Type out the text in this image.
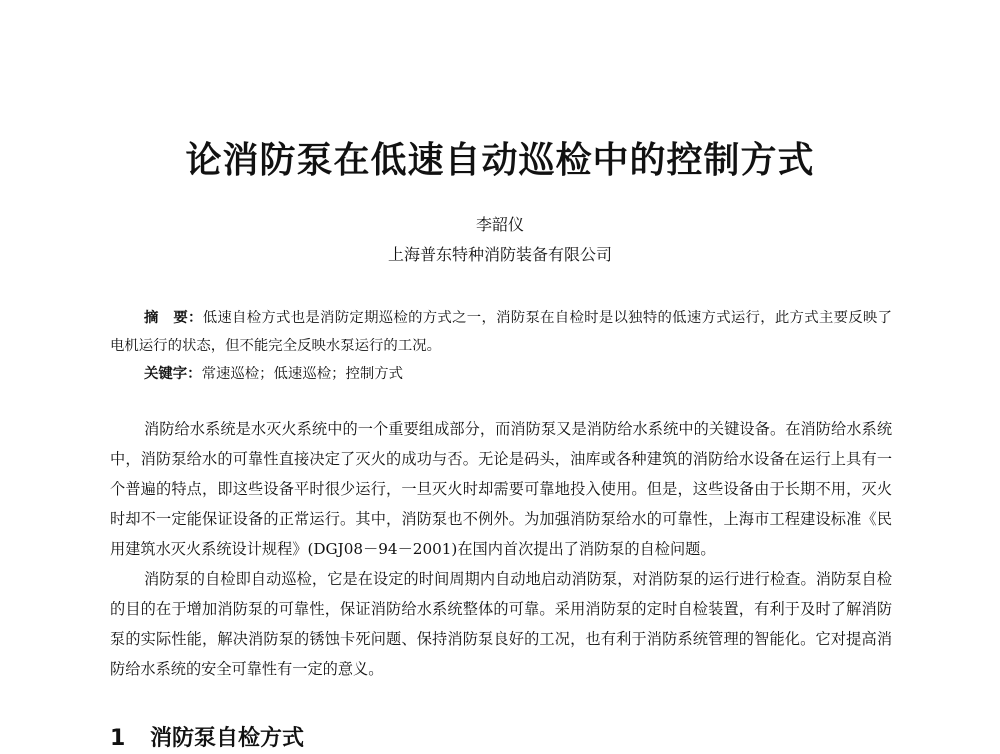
论消防泵在低速自动巡检中的控制方式
李韶仪
上海普东特种消防装备有限公司

摘　要：低速自检方式也是消防定期巡检的方式之一，消防泵在自检时是以独特的低速方式运行，此方式主要反映了电机运行的状态，但不能完全反映水泵运行的工况。

关键字：常速巡检；低速巡检；控制方式

消防给水系统是水灭火系统中的一个重要组成部分，而消防泵又是消防给水系统中的关键设备。在消防给水系统中，消防泵给水的可靠性直接决定了灭火的成功与否。无论是码头，油库或各种建筑的消防给水设备在运行上具有一个普遍的特点，即这些设备平时很少运行，一旦灭火时却需要可靠地投入使用。但是，这些设备由于长期不用，灭火时却不一定能保证设备的正常运行。其中，消防泵也不例外。为加强消防泵给水的可靠性，上海市工程建设标准《民用建筑水灭火系统设计规程》(DGJ08－94－2001)在国内首次提出了消防泵的自检问题。

消防泵的自检即自动巡检，它是在设定的时间周期内自动地启动消防泵，对消防泵的运行进行检查。消防泵自检的目的在于增加消防泵的可靠性，保证消防给水系统整体的可靠。采用消防泵的定时自检装置，有利于及时了解消防泵的实际性能，解决消防泵的锈蚀卡死问题、保持消防泵良好的工况，也有利于消防系统管理的智能化。它对提高消防给水系统的安全可靠性有一定的意义。

1 消防泵自检方式
